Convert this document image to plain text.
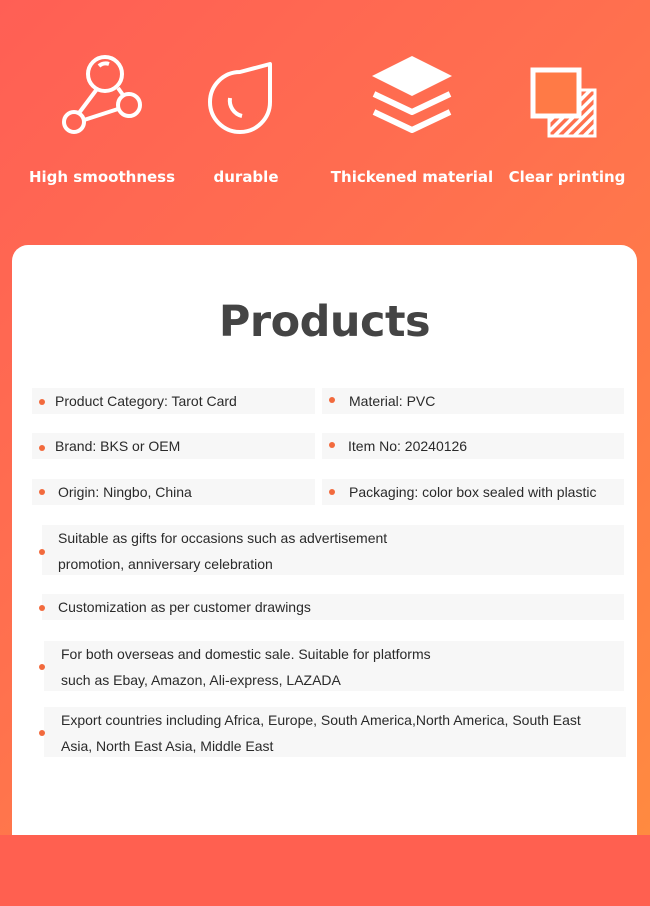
High smoothness	durable	Thickened material	Clear printing
Products
Product Category: Tarot Card	Material: PVC
Brand: BKS or OEM	Item No: 20240126
Origin: Ningbo, China	Packaging: color box sealed with plastic
Suitable as gifts for occasions such as advertisement
promotion, anniversary celebration
Customization as per customer drawings
For both overseas and domestic sale. Suitable for platforms
such as Ebay, Amazon, Ali-express, LAZADA
Export countries including Africa, Europe, South America,North America, South East
Asia, North East Asia, Middle East
